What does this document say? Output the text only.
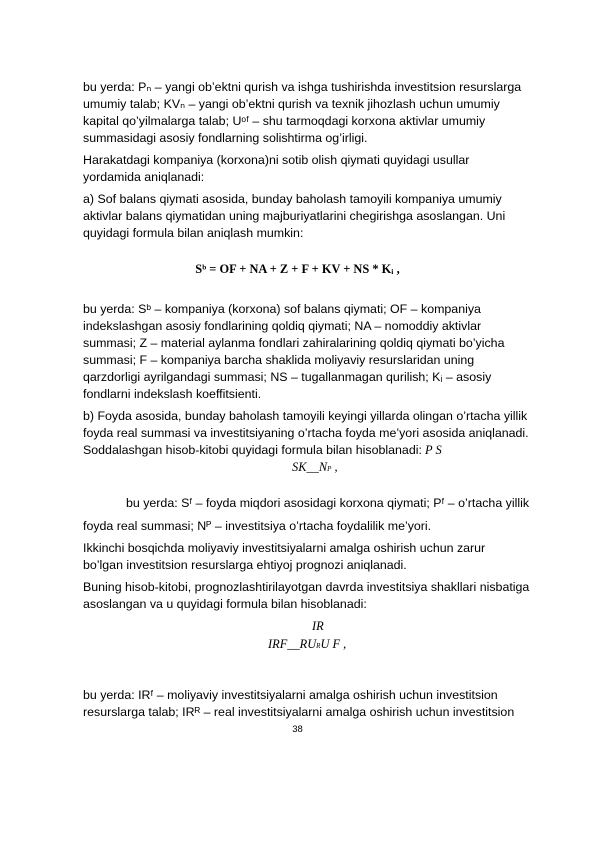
bu yerda: Pₙ – yangi ob’ektni qurish va ishga tushirishda investitsion resurslarga
umumiy talab; KVₙ – yangi ob’ektni qurish va texnik jihozlash uchun umumiy
kapital qo’yilmalarga talab; Uᵒᶠ – shu tarmoqdagi korxona aktivlar umumiy
summasidagi asosiy fondlarning solishtirma og’irligi.
Harakatdagi kompaniya (korxona)ni sotib olish qiymati quyidagi usullar
yordamida aniqlanadi:
a) Sof balans qiymati asosida, bunday baholash tamoyili kompaniya umumiy
aktivlar balans qiymatidan uning majburiyatlarini chegirishga asoslangan. Uni
quyidagi formula bilan aniqlash mumkin:
Sᵇ = OF + NA + Z + F + KV + NS * Kᵢ ,
bu yerda: Sᵇ – kompaniya (korxona) sof balans qiymati; OF – kompaniya
indekslashgan asosiy fondlarining qoldiq qiymati; NA – nomoddiy aktivlar
summasi; Z – material aylanma fondlari zahiralarining qoldiq qiymati bo’yicha
summasi; F – kompaniya barcha shaklida moliyaviy resurslaridan uning
qarzdorligi ayrilgandagi summasi; NS – tugallanmagan qurilish; Kᵢ – asosiy
fondlarni indekslash koeffitsienti.
b) Foyda asosida, bunday baholash tamoyili keyingi yillarda olingan o’rtacha yillik
foyda real summasi va investitsiyaning o’rtacha foyda me’yori asosida aniqlanadi.
Soddalashgan hisob-kitobi quyidagi formula bilan hisoblanadi: P S
SK__NP ,
bu yerda: Sᶠ – foyda miqdori asosidagi korxona qiymati; Pᶠ – o’rtacha yillik
foyda real summasi; Nᴾ – investitsiya o’rtacha foydalilik me’yori.
Ikkinchi bosqichda moliyaviy investitsiyalarni amalga oshirish uchun zarur
bo’lgan investitsion resurslarga ehtiyoj prognozi aniqlanadi.
Buning hisob-kitobi, prognozlashtirilayotgan davrda investitsiya shakllari nisbatiga
asoslangan va u quyidagi formula bilan hisoblanadi:
IR
IRF__RURU F ,
bu yerda: IRᶠ – moliyaviy investitsiyalarni amalga oshirish uchun investitsion
resurslarga talab; IRᴿ – real investitsiyalarni amalga oshirish uchun investitsion
38
